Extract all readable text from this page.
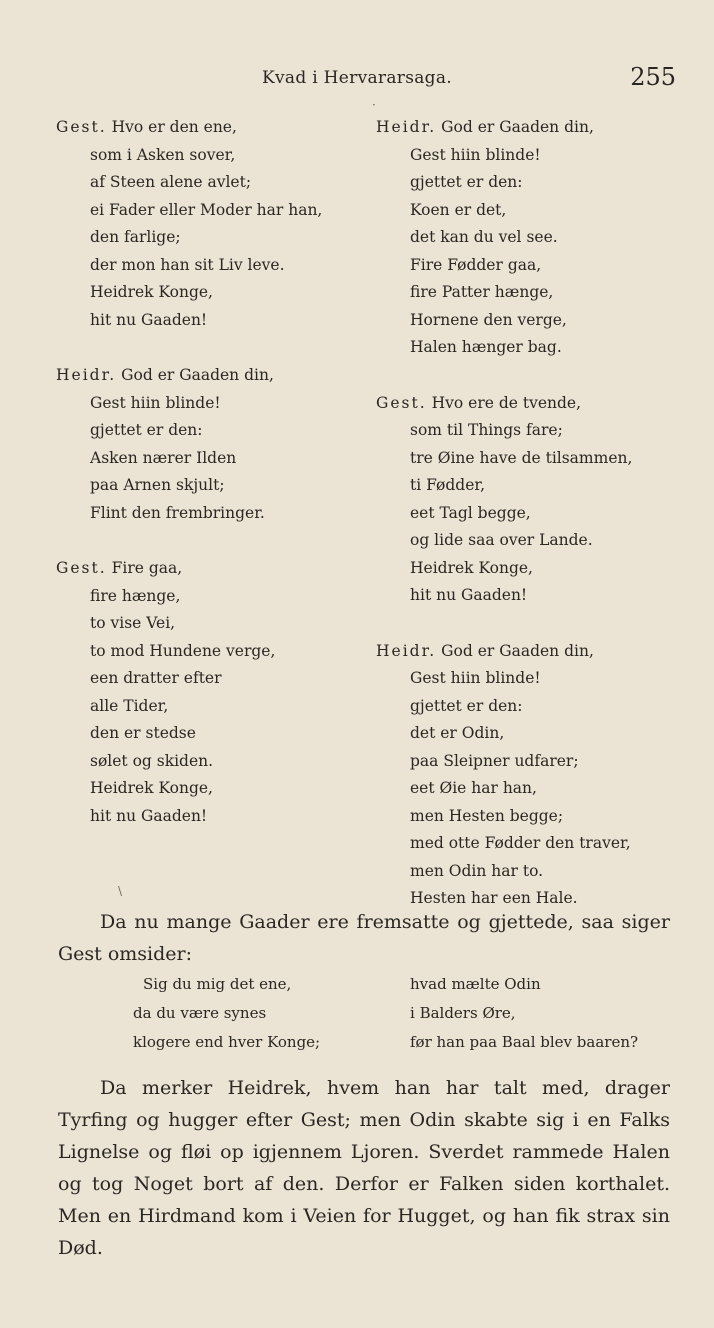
Kvad i Hervararsaga.	255
Gest. Hvo er den ene,
som i Asken sover,
af Steen alene avlet;
ei Fader eller Moder har han,
den farlige;
der mon han sit Liv leve.
Heidrek Konge,
hit nu Gaaden!
Heidr. God er Gaaden din,
Gest hiin blinde!
gjettet er den:
Asken nærer Ilden
paa Arnen skjult;
Flint den frembringer.
Gest. Fire gaa,
fire hænge,
to vise Vei,
to mod Hundene verge,
een dratter efter
alle Tider,
den er stedse
sølet og skiden.
Heidrek Konge,
hit nu Gaaden!
Heidr. God er Gaaden din,
Gest hiin blinde!
gjettet er den:
Koen er det,
det kan du vel see.
Fire Fødder gaa,
fire Patter hænge,
Hornene den verge,
Halen hænger bag.
Gest. Hvo ere de tvende,
som til Things fare;
tre Øine have de tilsammen,
ti Fødder,
eet Tagl begge,
og lide saa over Lande.
Heidrek Konge,
hit nu Gaaden!
Heidr. God er Gaaden din,
Gest hiin blinde!
gjettet er den:
det er Odin,
paa Sleipner udfarer;
eet Øie har han,
men Hesten begge;
med otte Fødder den traver,
men Odin har to.
Hesten har een Hale.
Da nu mange Gaader ere fremsatte og gjettede, saa siger Gest omsider:
Sig du mig det ene,
da du være synes
klogere end hver Konge;
hvad mælte Odin
i Balders Øre,
før han paa Baal blev baaren?
Da merker Heidrek, hvem han har talt med, drager Tyrfing og hugger efter Gest; men Odin skabte sig i en Falks Lignelse og fløi op igjennem Ljoren. Sverdet rammede Halen og tog Noget bort af den. Derfor er Falken siden korthalet. Men en Hirdmand kom i Veien for Hugget, og han fik strax sin Død.
\
·
